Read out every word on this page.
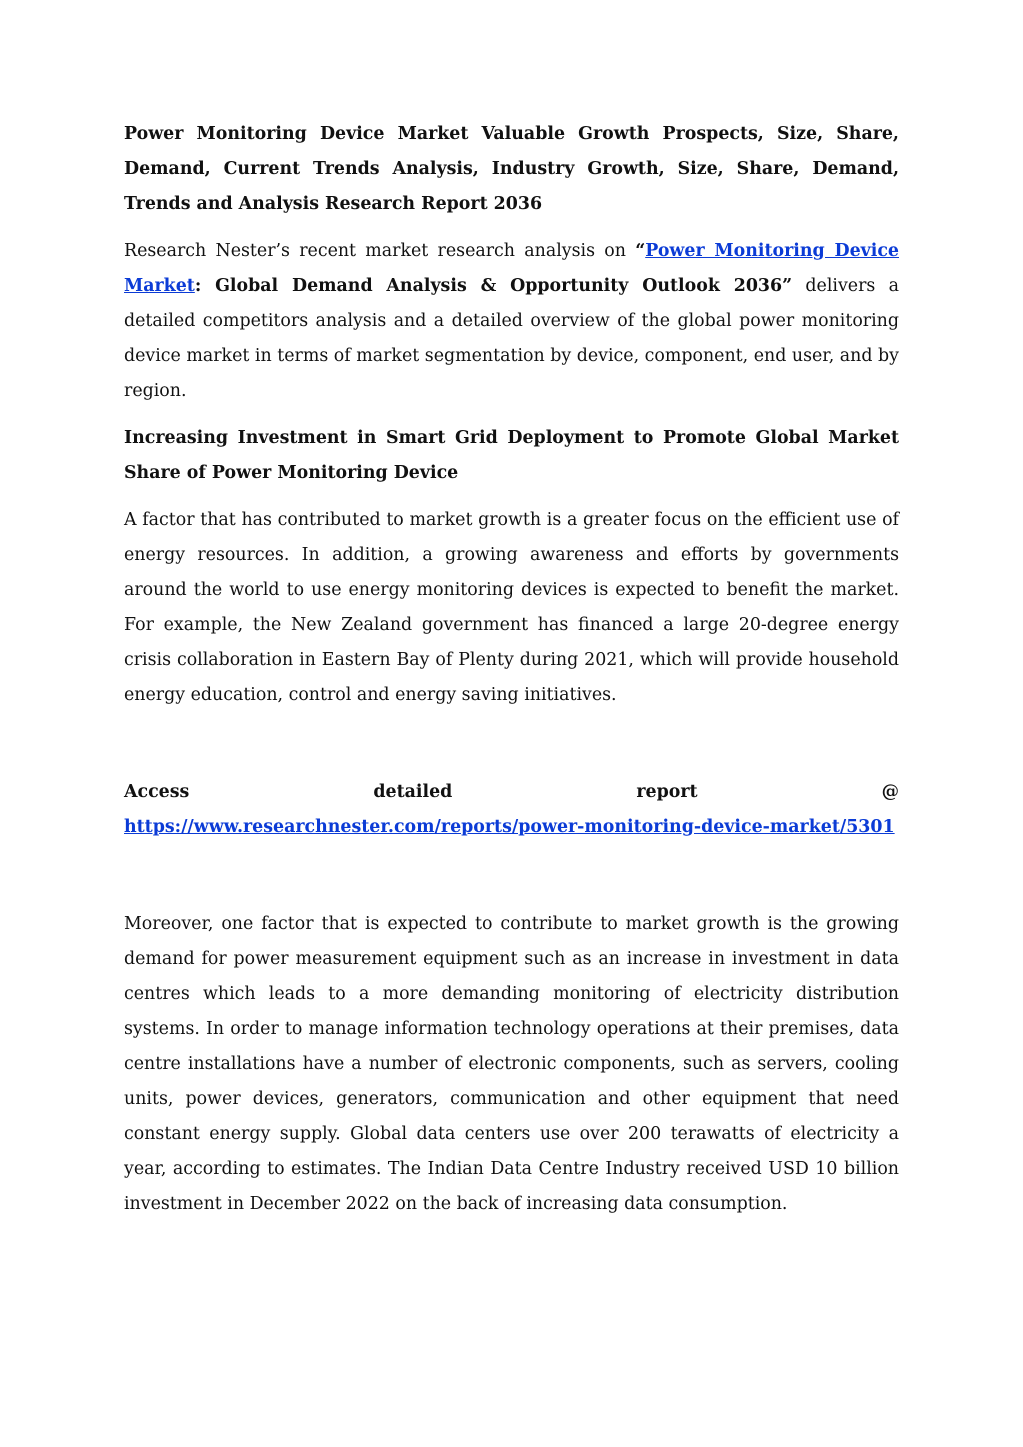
Power Monitoring Device Market Valuable Growth Prospects, Size, Share, Demand, Current Trends Analysis, Industry Growth, Size, Share, Demand, Trends and Analysis Research Report 2036

Research Nester’s recent market research analysis on “Power Monitoring Device Market: Global Demand Analysis & Opportunity Outlook 2036” delivers a detailed competitors analysis and a detailed overview of the global power monitoring device market in terms of market segmentation by device, component, end user, and by region.

Increasing Investment in Smart Grid Deployment to Promote Global Market Share of Power Monitoring Device

A factor that has contributed to market growth is a greater focus on the efficient use of energy resources. In addition, a growing awareness and efforts by governments around the world to use energy monitoring devices is expected to benefit the market. For example, the New Zealand government has financed a large 20-degree energy crisis collaboration in Eastern Bay of Plenty during 2021, which will provide household energy education, control and energy saving initiatives.

Access	detailed	report	@
https://www.researchnester.com/reports/power-monitoring-device-market/5301

Moreover, one factor that is expected to contribute to market growth is the growing demand for power measurement equipment such as an increase in investment in data centres which leads to a more demanding monitoring of electricity distribution systems. In order to manage information technology operations at their premises, data centre installations have a number of electronic components, such as servers, cooling units, power devices, generators, communication and other equipment that need constant energy supply. Global data centers use over 200 terawatts of electricity a year, according to estimates. The Indian Data Centre Industry received USD 10 billion investment in December 2022 on the back of increasing data consumption.
